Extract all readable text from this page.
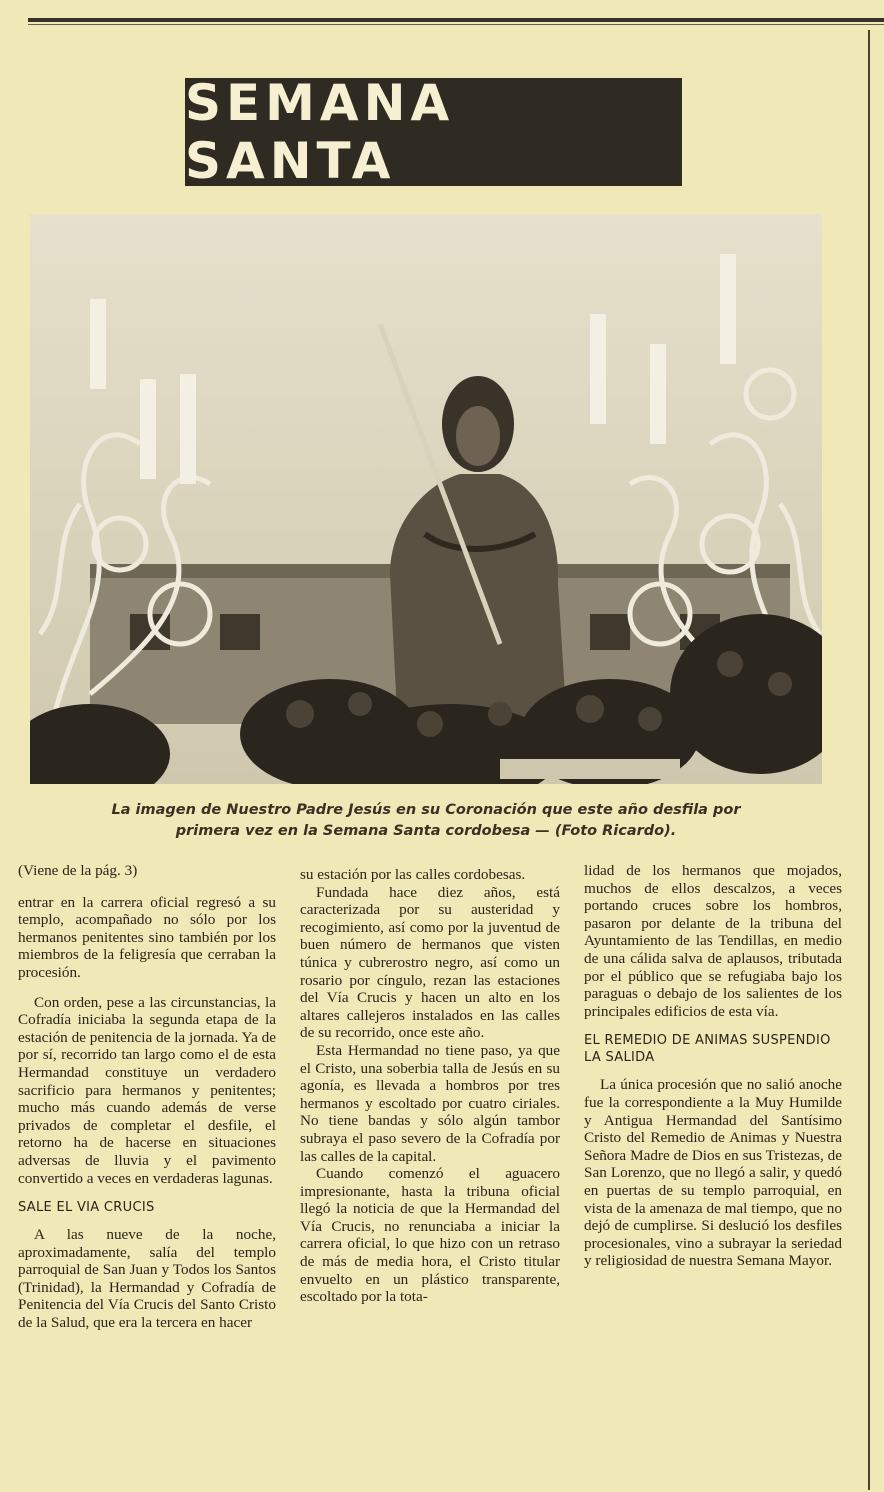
SEMANA SANTA
La imagen de Nuestro Padre Jesús en su Coronación que este año desfila por
primera vez en la Semana Santa cordobesa — (Foto Ricardo).

(Viene de la pág. 3)

entrar en la carrera oficial regresó a su templo, acompañado no sólo por los hermanos penitentes sino también por los miembros de la feligresía que cerraban la procesión.

Con orden, pese a las circunstancias, la Cofradía iniciaba la segunda etapa de la estación de penitencia de la jornada. Ya de por sí, recorrido tan largo como el de esta Hermandad constituye un verdadero sacrificio para hermanos y penitentes; mucho más cuando además de verse privados de completar el desfile, el retorno ha de hacerse en situaciones adversas de lluvia y el pavimento convertido a veces en verdaderas lagunas.

SALE EL VIA CRUCIS

A las nueve de la noche, aproximadamente, salía del templo parroquial de San Juan y Todos los Santos (Trinidad), la Hermandad y Cofradía de Penitencia del Vía Crucis del Santo Cristo de la Salud, que era la tercera en hacer

su estación por las calles cordobesas.

Fundada hace diez años, está caracterizada por su austeridad y recogimiento, así como por la juventud de buen número de hermanos que visten túnica y cubrerostro negro, así como un rosario por cíngulo, rezan las estaciones del Vía Crucis y hacen un alto en los altares callejeros instalados en las calles de su recorrido, once este año.

Esta Hermandad no tiene paso, ya que el Cristo, una soberbia talla de Jesús en su agonía, es llevada a hombros por tres hermanos y escoltado por cuatro ciriales. No tiene bandas y sólo algún tambor subraya el paso severo de la Cofradía por las calles de la capital.

Cuando comenzó el aguacero impresionante, hasta la tribuna oficial llegó la noticia de que la Hermandad del Vía Crucis, no renunciaba a iniciar la carrera oficial, lo que hizo con un retraso de más de media hora, el Cristo titular envuelto en un plástico transparente, escoltado por la tota-

lidad de los hermanos que mojados, muchos de ellos descalzos, a veces portando cruces sobre los hombros, pasaron por delante de la tribuna del Ayuntamiento de las Tendillas, en medio de una cálida salva de aplausos, tributada por el público que se refugiaba bajo los paraguas o debajo de los salientes de los principales edificios de esta vía.

EL REMEDIO DE ANIMAS SUSPENDIO LA SALIDA

La única procesión que no salió anoche fue la correspondiente a la Muy Humilde y Antigua Hermandad del Santísimo Cristo del Remedio de Animas y Nuestra Señora Madre de Dios en sus Tristezas, de San Lorenzo, que no llegó a salir, y quedó en puertas de su templo parroquial, en vista de la amenaza de mal tiempo, que no dejó de cumplirse. Si deslució los desfiles procesionales, vino a subrayar la seriedad y religiosidad de nuestra Semana Mayor.
